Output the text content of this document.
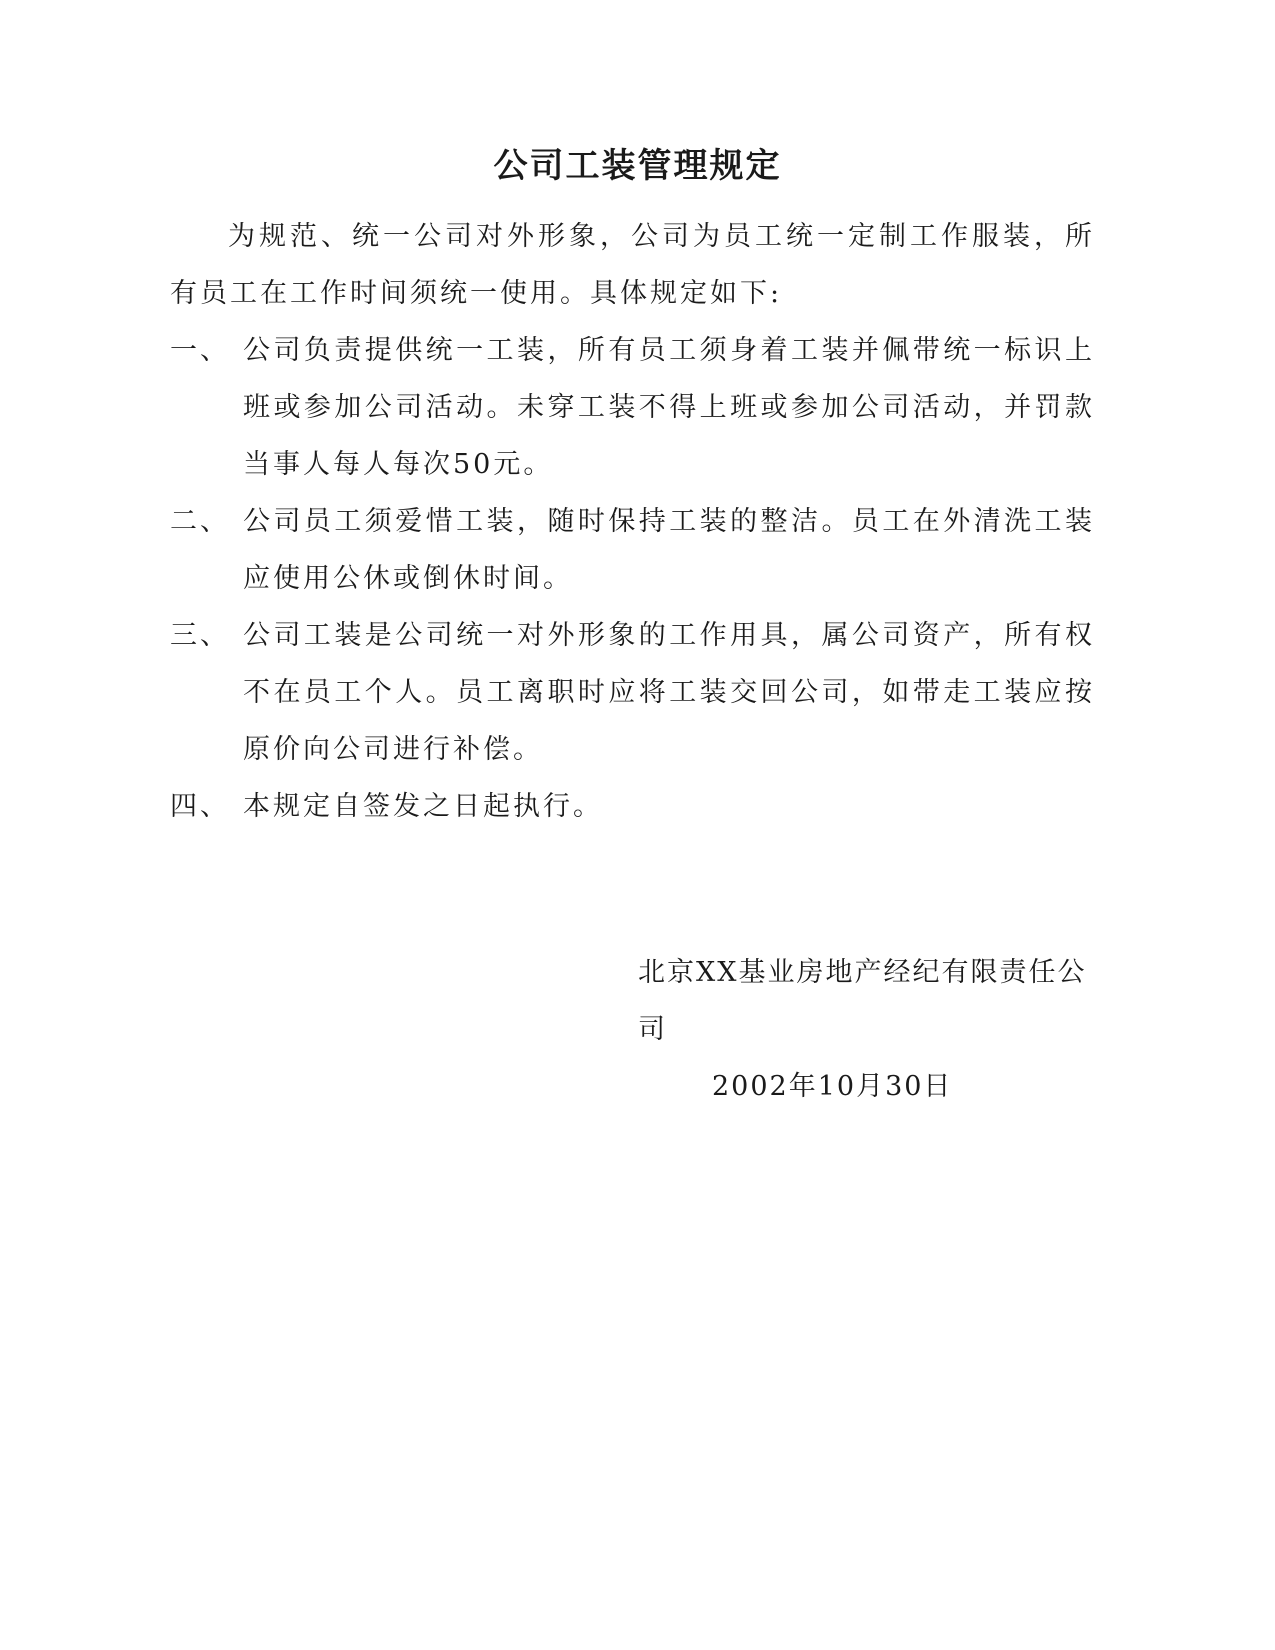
公司工装管理规定

为规范、统一公司对外形象，公司为员工统一定制工作服装，所有员工在工作时间须统一使用。具体规定如下:

一、 公司负责提供统一工装，所有员工须身着工装并佩带统一标识上班或参加公司活动。未穿工装不得上班或参加公司活动，并罚款当事人每人每次50元。
二、 公司员工须爱惜工装，随时保持工装的整洁。员工在外清洗工装应使用公休或倒休时间。
三、 公司工装是公司统一对外形象的工作用具，属公司资产，所有权不在员工个人。员工离职时应将工装交回公司，如带走工装应按原价向公司进行补偿。
四、 本规定自签发之日起执行。
北京XX基业房地产经纪有限责任公司
2002年10月30日
